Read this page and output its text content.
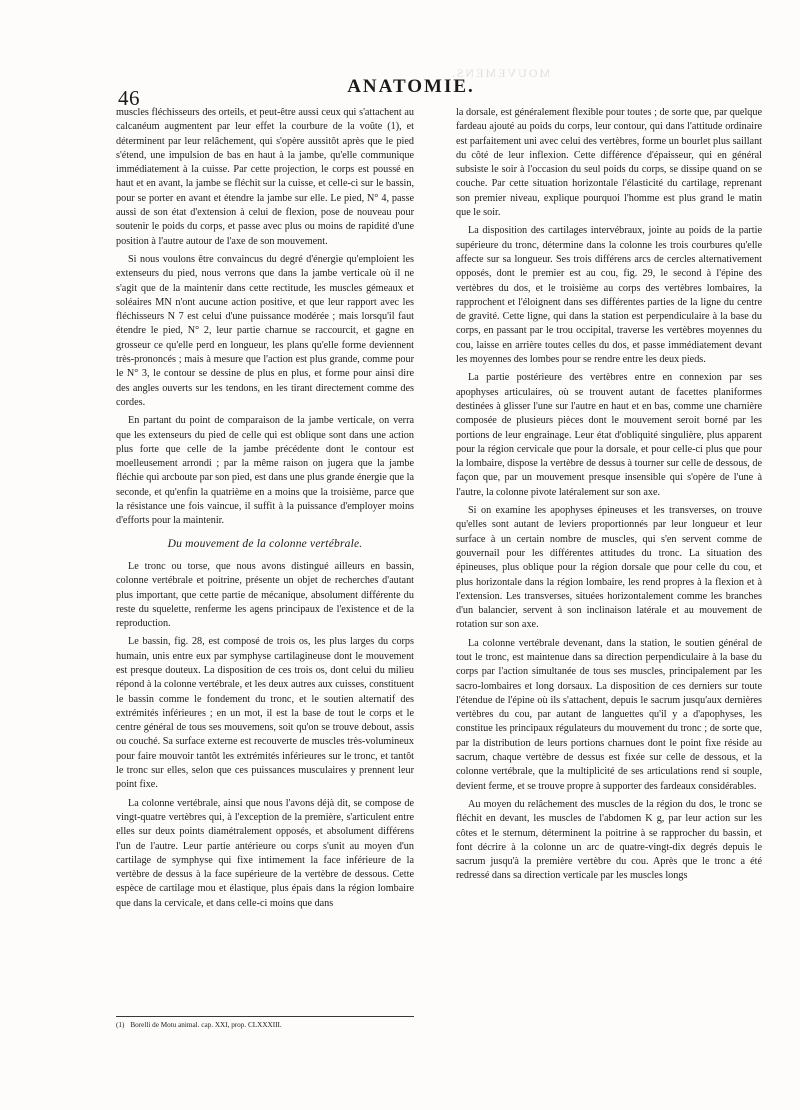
MOUVEMENS.
46	ANATOMIE.

muscles fléchisseurs des orteils, et peut-être aussi ceux qui s'attachent au calcanéum augmentent par leur effet la courbure de la voûte (1), et déterminent par leur relâchement, qui s'opère aussitôt après que le pied s'étend, une impulsion de bas en haut à la jambe, qu'elle communique immédiatement à la cuisse. Par cette projection, le corps est poussé en haut et en avant, la jambe se fléchit sur la cuisse, et celle-ci sur le bassin, pour se porter en avant et étendre la jambe sur elle. Le pied, N° 4, passe aussi de son état d'extension à celui de flexion, pose de nouveau pour soutenir le poids du corps, et passe avec plus ou moins de rapidité d'une position à l'autre autour de l'axe de son mouvement.

Si nous voulons être convaincus du degré d'énergie qu'emploient les extenseurs du pied, nous verrons que dans la jambe verticale où il ne s'agit que de la maintenir dans cette rectitude, les muscles gémeaux et soléaires MN n'ont aucune action positive, et que leur rapport avec les fléchisseurs N 7 est celui d'une puissance modérée ; mais lorsqu'il faut étendre le pied, N° 2, leur partie charnue se raccourcit, et gagne en grosseur ce qu'elle perd en longueur, les plans qu'elle forme deviennent très-prononcés ; mais à mesure que l'action est plus grande, comme pour le N° 3, le contour se dessine de plus en plus, et forme pour ainsi dire des angles ouverts sur les tendons, en les tirant directement comme des cordes.

En partant du point de comparaison de la jambe verticale, on verra que les extenseurs du pied de celle qui est oblique sont dans une action plus forte que celle de la jambe précédente dont le contour est moelleusement arrondi ; par la même raison on jugera que la jambe fléchie qui arcboute par son pied, est dans une plus grande énergie que la seconde, et qu'enfin la quatrième en a moins que la troisième, parce que la résistance une fois vaincue, il suffit à la puissance d'employer moins d'efforts pour la maintenir.

Du mouvement de la colonne vertébrale.

Le tronc ou torse, que nous avons distingué ailleurs en bassin, colonne vertébrale et poitrine, présente un objet de recherches d'autant plus important, que cette partie de mécanique, absolument différente du reste du squelette, renferme les agens principaux de l'existence et de la reproduction.

Le bassin, fig. 28, est composé de trois os, les plus larges du corps humain, unis entre eux par symphyse cartilagineuse dont le mouvement est presque douteux. La disposition de ces trois os, dont celui du milieu répond à la colonne vertébrale, et les deux autres aux cuisses, constituent le bassin comme le fondement du tronc, et le soutien alternatif des extrémités inférieures ; en un mot, il est la base de tout le corps et le centre général de tous ses mouvemens, soit qu'on se trouve debout, assis ou couché. Sa surface externe est recouverte de muscles très-volumineux pour faire mouvoir tantôt les extrémités inférieures sur le tronc, et tantôt le tronc sur elles, selon que ces puissances musculaires y prennent leur point fixe.

La colonne vertébrale, ainsi que nous l'avons déjà dit, se compose de vingt-quatre vertèbres qui, à l'exception de la première, s'articulent entre elles sur deux points diamétralement opposés, et absolument différens l'un de l'autre. Leur partie antérieure ou corps s'unit au moyen d'un cartilage de symphyse qui fixe intimement la face inférieure de la vertèbre de dessus à la face supérieure de la vertèbre de dessous. Cette espèce de cartilage mou et élastique, plus épais dans la région lombaire que dans la cervicale, et dans celle-ci moins que dans

la dorsale, est généralement flexible pour toutes ; de sorte que, par quelque fardeau ajouté au poids du corps, leur contour, qui dans l'attitude ordinaire est parfaitement uni avec celui des vertèbres, forme un bourlet plus saillant du côté de leur inflexion. Cette différence d'épaisseur, qui en général subsiste le soir à l'occasion du seul poids du corps, se dissipe quand on se couche. Par cette situation horizontale l'élasticité du cartilage, reprenant son premier niveau, explique pourquoi l'homme est plus grand le matin que le soir.

La disposition des cartilages intervébraux, jointe au poids de la partie supérieure du tronc, détermine dans la colonne les trois courbures qu'elle affecte sur sa longueur. Ses trois différens arcs de cercles alternativement opposés, dont le premier est au cou, fig. 29, le second à l'épine des vertèbres du dos, et le troisième au corps des vertèbres lombaires, la rapprochent et l'éloignent dans ses différentes parties de la ligne du centre de gravité. Cette ligne, qui dans la station est perpendiculaire à la base du corps, en passant par le trou occipital, traverse les vertèbres moyennes du cou, laisse en arrière toutes celles du dos, et passe immédiatement devant les moyennes des lombes pour se rendre entre les deux pieds.

La partie postérieure des vertèbres entre en connexion par ses apophyses articulaires, où se trouvent autant de facettes planiformes destinées à glisser l'une sur l'autre en haut et en bas, comme une charnière composée de plusieurs pièces dont le mouvement seroit borné par les portions de leur engrainage. Leur état d'obliquité singulière, plus apparent pour la région cervicale que pour la dorsale, et pour celle-ci plus que pour la lombaire, dispose la vertèbre de dessus à tourner sur celle de dessous, de façon que, par un mouvement presque insensible qui s'opère de l'une à l'autre, la colonne pivote latéralement sur son axe.

Si on examine les apophyses épineuses et les transverses, on trouve qu'elles sont autant de leviers proportionnés par leur longueur et leur surface à un certain nombre de muscles, qui s'en servent comme de gouvernail pour les différentes attitudes du tronc. La situation des épineuses, plus oblique pour la région dorsale que pour celle du cou, et plus horizontale dans la région lombaire, les rend propres à la flexion et à l'extension. Les transverses, situées horizontalement comme les branches d'un balancier, servent à son inclinaison latérale et au mouvement de rotation sur son axe.

La colonne vertébrale devenant, dans la station, le soutien général de tout le tronc, est maintenue dans sa direction perpendiculaire à la base du corps par l'action simultanée de tous ses muscles, principalement par les sacro-lombaires et long dorsaux. La disposition de ces derniers sur toute l'étendue de l'épine où ils s'attachent, depuis le sacrum jusqu'aux dernières vertèbres du cou, par autant de languettes qu'il y a d'apophyses, les constitue les principaux régulateurs du mouvement du tronc ; de sorte que, par la distribution de leurs portions charnues dont le point fixe réside au sacrum, chaque vertèbre de dessus est fixée sur celle de dessous, et la colonne vertébrale, que la multiplicité de ses articulations rend si souple, devient ferme, et se trouve propre à supporter des fardeaux considérables.

Au moyen du relâchement des muscles de la région du dos, le tronc se fléchit en devant, les muscles de l'abdomen K g, par leur action sur les côtes et le sternum, déterminent la poitrine à se rapprocher du bassin, et font décrire à la colonne un arc de quatre-vingt-dix degrés depuis le sacrum jusqu'à la première vertèbre du cou. Après que le tronc a été redressé dans sa direction verticale par les muscles longs

(1) Borelli de Motu animal. cap. XXI, prop. CLXXXIII.
